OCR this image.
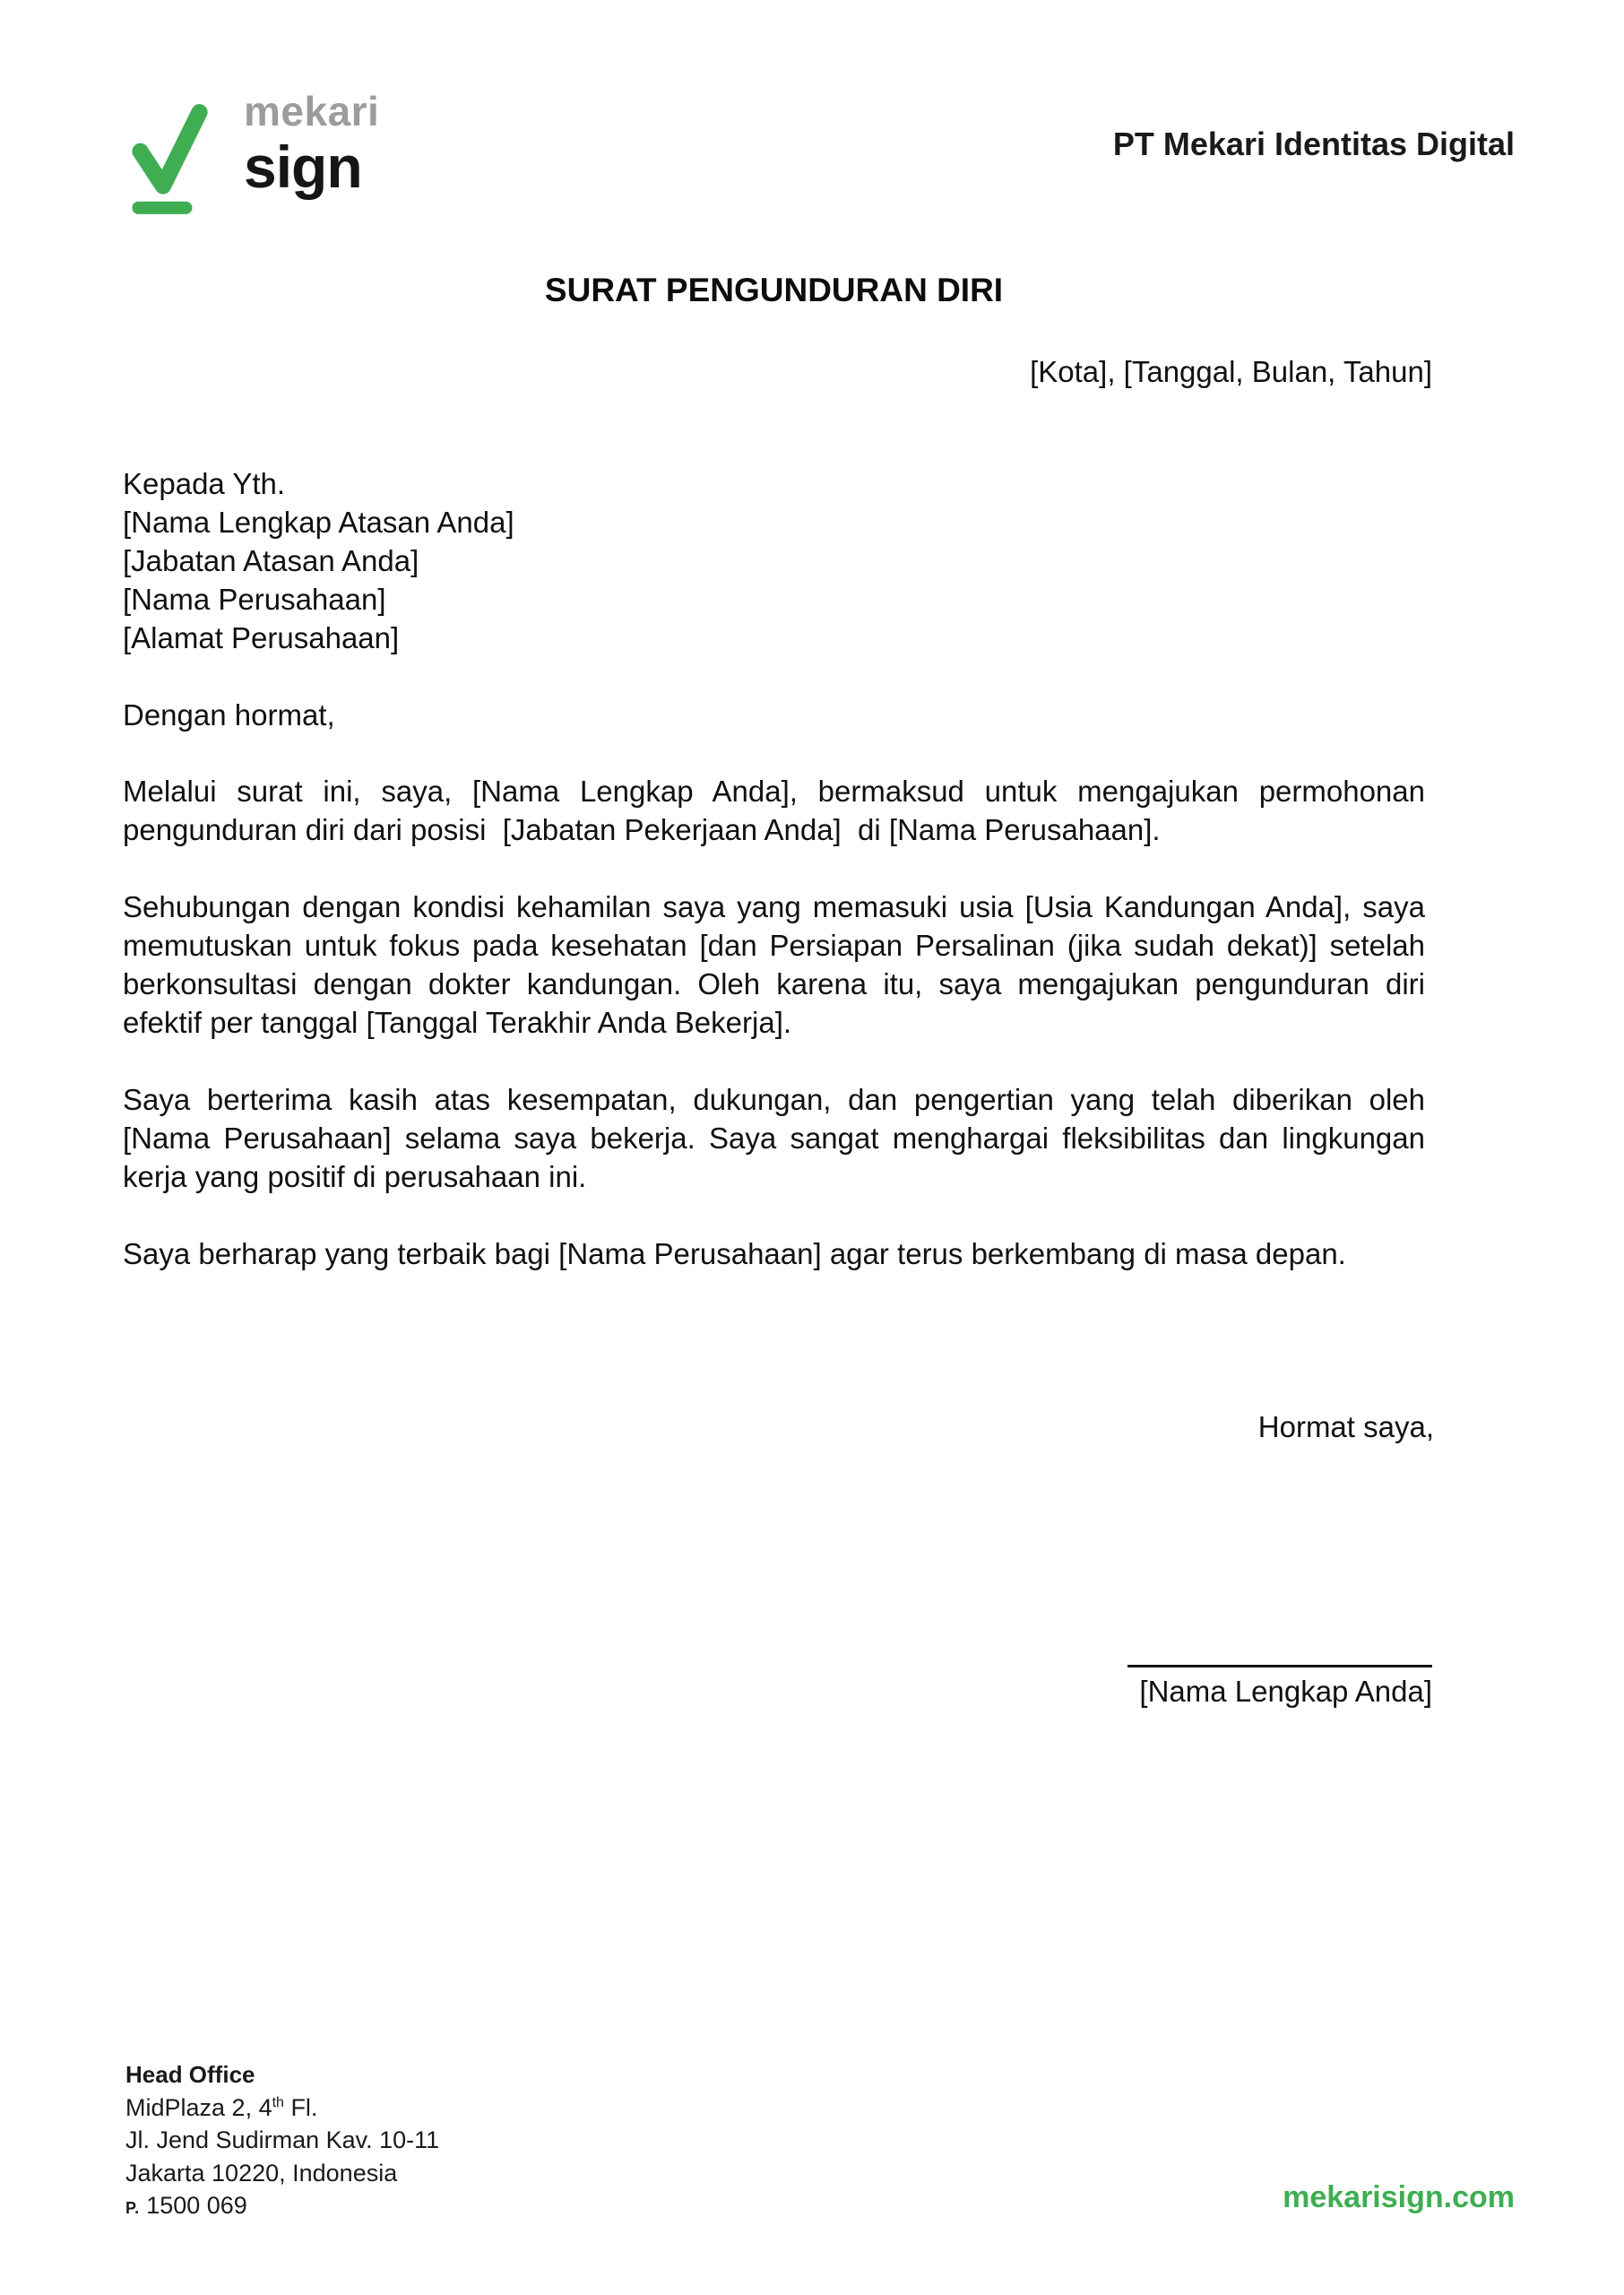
mekari
sign	PT Mekari Identitas Digital
SURAT PENGUNDURAN DIRI
[Kota], [Tanggal, Bulan, Tahun]
Kepada Yth.
[Nama Lengkap Atasan Anda]
[Jabatan Atasan Anda]
[Nama Perusahaan]
[Alamat Perusahaan]
Dengan hormat,

Melalui surat ini, saya, [Nama Lengkap Anda], bermaksud untuk mengajukan permohonan pengunduran diri dari posisi  [Jabatan Pekerjaan Anda]  di [Nama Perusahaan].

Sehubungan dengan kondisi kehamilan saya yang memasuki usia [Usia Kandungan Anda], saya memutuskan untuk fokus pada kesehatan [dan Persiapan Persalinan (jika sudah dekat)] setelah berkonsultasi dengan dokter kandungan. Oleh karena itu, saya mengajukan pengunduran diri efektif per tanggal [Tanggal Terakhir Anda Bekerja].

Saya berterima kasih atas kesempatan, dukungan, dan pengertian yang telah diberikan oleh [Nama Perusahaan] selama saya bekerja. Saya sangat menghargai fleksibilitas dan lingkungan kerja yang positif di perusahaan ini.

Saya berharap yang terbaik bagi [Nama Perusahaan] agar terus berkembang di masa depan.

Hormat saya,
[Nama Lengkap Anda]
Head Office
MidPlaza 2, 4th Fl.
Jl. Jend Sudirman Kav. 10-11
Jakarta 10220, Indonesia
P. 1500 069	mekarisign.com
